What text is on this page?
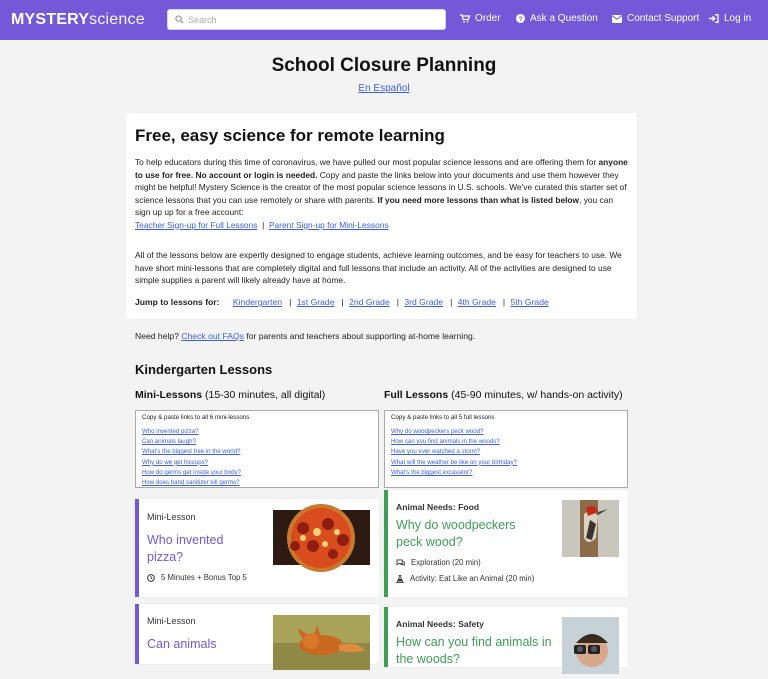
MYSTERYscience
Search	Order ? Ask a Question	Contact Support Log in
School Closure Planning
En Español
Free, easy science for remote learning

To help educators during this time of coronavirus, we have pulled our most popular science lessons and are offering them for anyone to use for free. No account or login is needed. Copy and paste the links below into your documents and use them however they might be helpful! Mystery Science is the creator of the most popular science lessons in U.S. schools. We've curated this starter set of science lessons that you can use remotely or share with parents. If you need more lessons than what is listed below, you can sign up up for a free account:
Teacher Sign-up for Full Lessons | Parent Sign-up for Mini-Lessons

All of the lessons below are expertly designed to engage students, achieve learning outcomes, and be easy for teachers to use. We have short mini-lessons that are completely digital and full lessons that include an activity. All of the activities are designed to use simple supplies a parent will likely already have at home.

Jump to lessons for: Kindergarten | 1st Grade | 2nd Grade | 3rd Grade | 4th Grade | 5th Grade
Need help? Check out FAQs for parents and teachers about supporting at-home learning.
Kindergarten Lessons
Mini-Lessons (15-30 minutes, all digital)	Full Lessons (45-90 minutes, w/ hands-on activity)
Copy & paste links to all 6 mini-lessons
Who invented pizza?
Can animals laugh?
What's the biggest tree in the world?
Why do we get hiccups?
How do germs get inside your body?
How does hand sanitizer kill germs?
Copy & paste links to all 5 full lessons
Why do woodpeckers peck wood?
How can you find animals in the woods?
Have you ever watched a storm?
What will the weather be like on your birthday?
What's the biggest excavator?
Mini-Lesson
Who invented pizza?
5 Minutes + Bonus Top 5
Mini-Lesson
Can animals
Animal Needs: Food
Why do woodpeckers peck wood?
Exploration (20 min)
Activity: Eat Like an Animal (20 min)
Animal Needs: Safety
How can you find animals in the woods?
